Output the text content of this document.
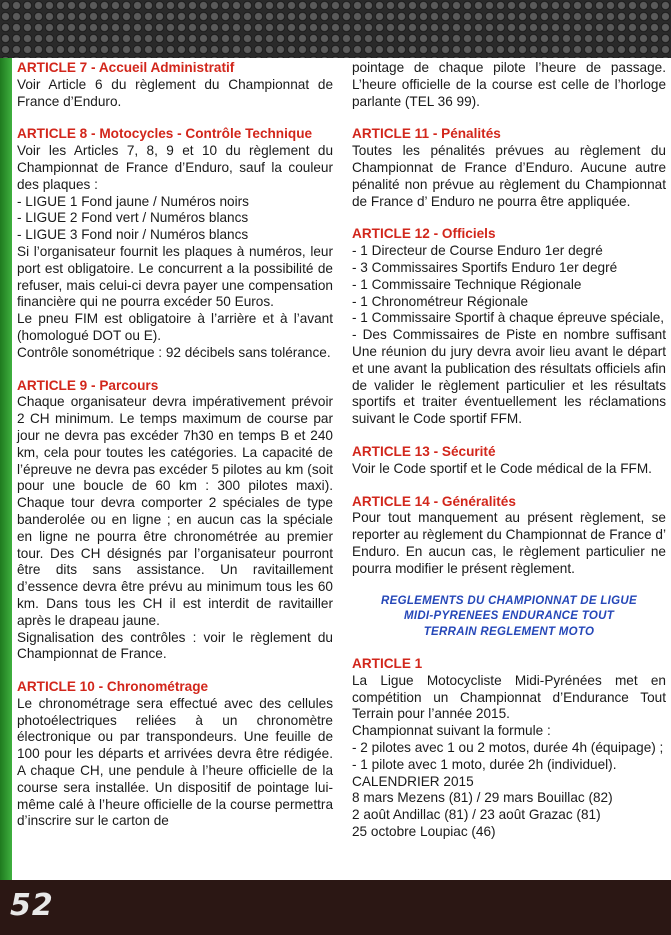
ARTICLE 7 - Accueil Administratif
Voir Article 6 du règlement du Championnat de France d’Enduro.
ARTICLE 8 - Motocycles - Contrôle Technique
Voir les Articles 7, 8, 9 et 10 du règlement du Championnat de France d’Enduro, sauf la couleur des plaques :
- LIGUE 1 Fond jaune / Numéros noirs
- LIGUE 2 Fond vert / Numéros blancs
- LIGUE 3 Fond noir / Numéros blancs
Si l’organisateur fournit les plaques à numéros, leur port est obligatoire. Le concurrent a la possibilité de refuser, mais celui-ci devra payer une compensation financière qui ne pourra excéder 50 Euros.
Le pneu FIM est obligatoire à l’arrière et à l’avant (homologué DOT ou E).
Contrôle sonométrique : 92 décibels sans tolérance.
ARTICLE 9 - Parcours
Chaque organisateur devra impérativement prévoir 2 CH minimum. Le temps maximum de course par jour ne devra pas excéder 7h30 en temps B et 240 km, cela pour toutes les catégories. La capacité de l’épreuve ne devra pas excéder 5 pilotes au km (soit pour une boucle de 60 km : 300 pilotes maxi). Chaque tour devra comporter 2 spéciales de type banderolée ou en ligne ; en aucun cas la spéciale en ligne ne pourra être chronométrée au premier tour. Des CH désignés par l’organisateur pourront être dits sans assistance. Un ravitaillement d’essence devra être prévu au minimum tous les 60 km. Dans tous les CH il est interdit de ravitailler après le drapeau jaune.
Signalisation des contrôles : voir le règlement du Championnat de France.
ARTICLE 10 - Chronométrage
Le chronométrage sera effectué avec des cellules photoélectriques reliées à un chronomètre électronique ou par transpondeurs. Une feuille de 100 pour les départs et arrivées devra être rédigée. A chaque CH, une pendule à l’heure officielle de la course sera installée. Un dispositif de pointage lui-même calé à l’heure officielle de la course permettra d’inscrire sur le carton de
pointage de chaque pilote l’heure de passage. L’heure officielle de la course est celle de l’horloge parlante (TEL 36 99).
ARTICLE 11 - Pénalités
Toutes les pénalités prévues au règlement du Championnat de France d’Enduro. Aucune autre pénalité non prévue au règlement du Championnat de France d’ Enduro ne pourra être appliquée.
ARTICLE 12 - Officiels
- 1 Directeur de Course Enduro 1er degré
- 3 Commissaires Sportifs Enduro 1er degré
- 1 Commissaire Technique Régionale
- 1 Chronométreur Régionale
- 1 Commissaire Sportif à chaque épreuve spéciale,
- Des Commissaires de Piste en nombre suffisant Une réunion du jury devra avoir lieu avant le départ et une avant la publication des résultats officiels afin de valider le règlement particulier et les résultats sportifs et traiter éventuellement les réclamations suivant le Code sportif FFM.
ARTICLE 13 - Sécurité
Voir le Code sportif et le Code médical de la FFM.
ARTICLE 14 - Généralités
Pour tout manquement au présent règlement, se reporter au règlement du Championnat de France d’ Enduro. En aucun cas, le règlement particulier ne pourra modifier le présent règlement.
REGLEMENTS DU CHAMPIONNAT DE LIGUE
MIDI-PYRENEES ENDURANCE TOUT
TERRAIN REGLEMENT MOTO
ARTICLE 1
La Ligue Motocycliste Midi-Pyrénées met en compétition un Championnat d’Endurance Tout Terrain pour l’année 2015.
Championnat suivant la formule :
- 2 pilotes avec 1 ou 2 motos, durée 4h (équipage) ;
- 1 pilote avec 1 moto, durée 2h (individuel).
CALENDRIER 2015
8 mars Mezens (81) / 29 mars Bouillac (82)
2 août Andillac (81) / 23 août Grazac (81)
25 octobre Loupiac (46)
52
